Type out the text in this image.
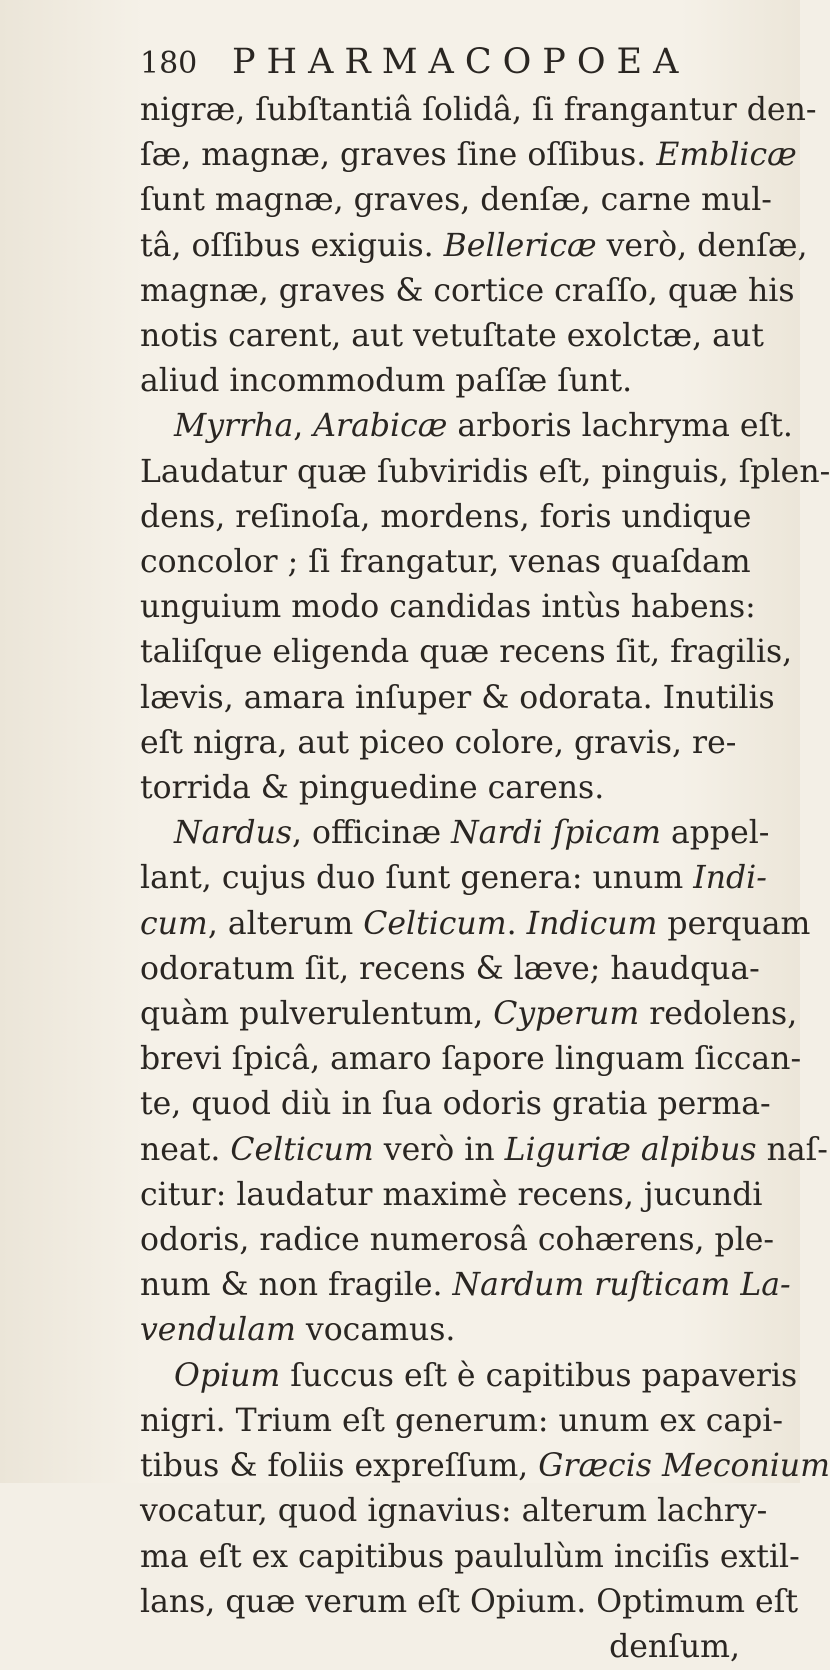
180 PHARMACOPOEA
nigræ, ſubſtantiâ ſolidâ, ſi frangantur den-
ſæ, magnæ, graves ſine oſſibus. Emblicæ
ſunt magnæ, graves, denſæ, carne mul-
tâ, oſſibus exiguis. Bellericæ verò, denſæ,
magnæ, graves & cortice craſſo, quæ his
notis carent, aut vetuſtate exolctæ, aut
aliud incommodum paſſæ ſunt.
Myrrha, Arabicæ arboris lachryma eſt.
Laudatur quæ ſubviridis eſt, pinguis, ſplen-
dens, reſinoſa, mordens, foris undique
concolor ; ſi frangatur, venas quaſdam
unguium modo candidas intùs habens:
taliſque eligenda quæ recens ſit, fragilis,
lævis, amara inſuper & odorata. Inutilis
eſt nigra, aut piceo colore, gravis, re-
torrida & pinguedine carens.
Nardus, officinæ Nardi ſpicam appel-
lant, cujus duo ſunt genera: unum Indi-
cum, alterum Celticum. Indicum perquam
odoratum ſit, recens & læve; haudqua-
quàm pulverulentum, Cyperum redolens,
brevi ſpicâ, amaro ſapore linguam ſiccan-
te, quod diù in ſua odoris gratia perma-
neat. Celticum verò in Liguriæ alpibus naſ-
citur: laudatur maximè recens, jucundi
odoris, radice numerosâ cohærens, ple-
num & non fragile. Nardum ruſticam La-
vendulam vocamus.
Opium ſuccus eſt è capitibus papaveris
nigri. Trium eſt generum: unum ex capi-
tibus & foliis expreſſum, Græcis Meconium
vocatur, quod ignavius: alterum lachry-
ma eſt ex capitibus paululùm inciſis extil-
lans, quæ verum eſt Opium. Optimum eſt
denſum,
